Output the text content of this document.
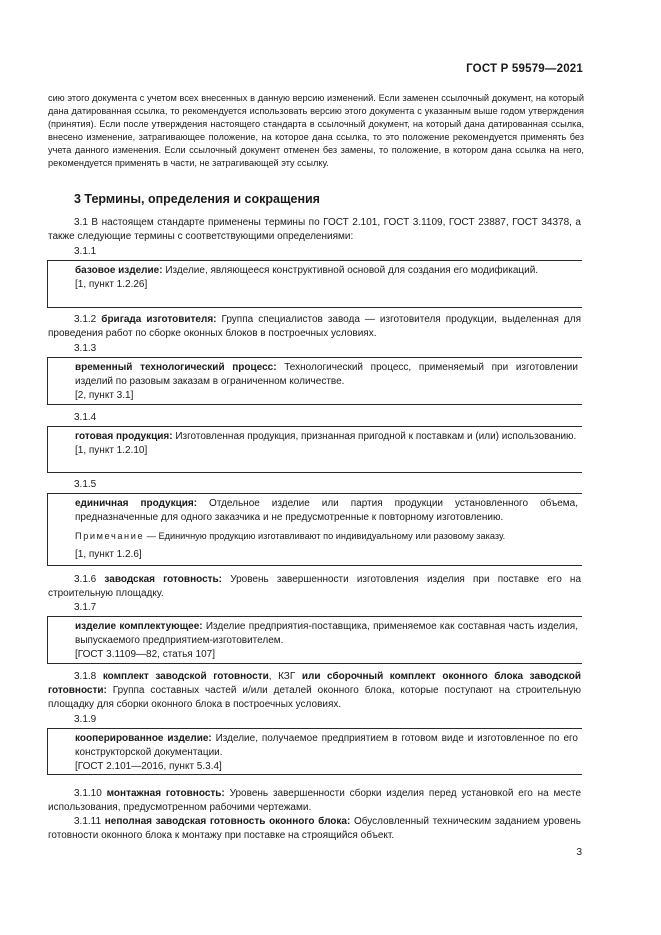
ГОСТ Р 59579—2021

сию этого документа с учетом всех внесенных в данную версию изменений. Если заменен ссылочный документ, на который дана датированная ссылка, то рекомендуется использовать версию этого документа с указанным выше годом утверждения (принятия). Если после утверждения настоящего стандарта в ссылочный документ, на который дана датированная ссылка, внесено изменение, затрагивающее положение, на которое дана ссылка, то это положение рекомендуется применять без учета данного изменения. Если ссылочный документ отменен без замены, то положение, в котором дана ссылка на него, рекомендуется применять в части, не затрагивающей эту ссылку.

3 Термины, определения и сокращения

3.1 В настоящем стандарте применены термины по ГОСТ 2.101, ГОСТ 3.1109, ГОСТ 23887, ГОСТ 34378, а также следующие термины с соответствующими определениями:

3.1.1

базовое изделие: Изделие, являющееся конструктивной основой для создания его модификаций.

[1, пункт 1.2.26]

3.1.2 бригада изготовителя: Группа специалистов завода — изготовителя продукции, выделенная для проведения работ по сборке оконных блоков в построечных условиях.

3.1.3

временный технологический процесс: Технологический процесс, применяемый при изготовлении изделий по разовым заказам в ограниченном количестве.

[2, пункт 3.1]

3.1.4

готовая продукция: Изготовленная продукция, признанная пригодной к поставкам и (или) использованию.

[1, пункт 1.2.10]

3.1.5

единичная продукция: Отдельное изделие или партия продукции установленного объема, предназначенные для одного заказчика и не предусмотренные к повторному изготовлению.

Примечание — Единичную продукцию изготавливают по индивидуальному или разовому заказу.

[1, пункт 1.2.6]

3.1.6 заводская готовность: Уровень завершенности изготовления изделия при поставке его на строительную площадку.

3.1.7

изделие комплектующее: Изделие предприятия-поставщика, применяемое как составная часть изделия, выпускаемого предприятием-изготовителем.

[ГОСТ 3.1109—82, статья 107]

3.1.8 комплект заводской готовности, КЗГ или сборочный комплект оконного блока заводской готовности: Группа составных частей и/или деталей оконного блока, которые поступают на строительную площадку для сборки оконного блока в построечных условиях.

3.1.9

кооперированное изделие: Изделие, получаемое предприятием в готовом виде и изготовленное по его конструкторской документации.

[ГОСТ 2.101—2016, пункт 5.3.4]

3.1.10 монтажная готовность: Уровень завершенности сборки изделия перед установкой его на месте использования, предусмотренном рабочими чертежами.

3.1.11 неполная заводская готовность оконного блока: Обусловленный техническим заданием уровень готовности оконного блока к монтажу при поставке на строящийся объект.

3
